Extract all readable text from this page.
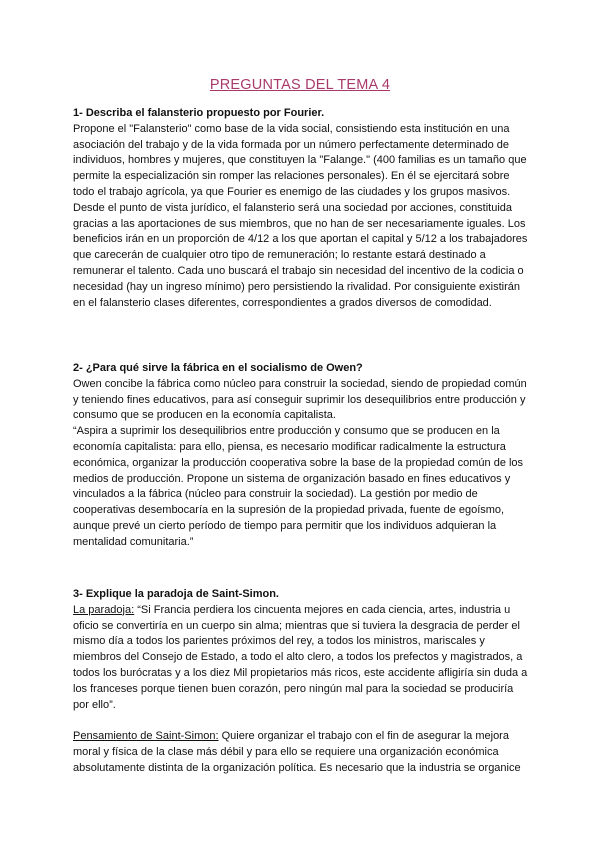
PREGUNTAS DEL TEMA 4

1- Describa el falansterio propuesto por Fourier.

Propone el "Falansterio" como base de la vida social, consistiendo esta institución en una asociación del trabajo y de la vida formada por un número perfectamente determinado de individuos, hombres y mujeres, que constituyen la "Falange." (400 familias es un tamaño que permite la especialización sin romper las relaciones personales). En él se ejercitará sobre todo el trabajo agrícola, ya que Fourier es enemigo de las ciudades y los grupos masivos. Desde el punto de vista jurídico, el falansterio será una sociedad por acciones, constituida gracias a las aportaciones de sus miembros, que no han de ser necesariamente iguales. Los beneficios irán en un proporción de 4/12 a los que aportan el capital y 5/12 a los trabajadores que carecerán de cualquier otro tipo de remuneración; lo restante estará destinado a remunerar el talento. Cada uno buscará el trabajo sin necesidad del incentivo de la codicia o necesidad (hay un ingreso mínimo) pero persistiendo la rivalidad. Por consiguiente existirán en el falansterio clases diferentes, correspondientes a grados diversos de comodidad.

2- ¿Para qué sirve la fábrica en el socialismo de Owen?

Owen concibe la fábrica como núcleo para construir la sociedad, siendo de propiedad común y teniendo fines educativos, para así conseguir suprimir los desequilibrios entre producción y consumo que se producen en la economía capitalista.

“Aspira a suprimir los desequilibrios entre producción y consumo que se producen en la economía capitalista: para ello, piensa, es necesario modificar radicalmente la estructura económica, organizar la producción cooperativa sobre la base de la propiedad común de los medios de producción. Propone un sistema de organización basado en fines educativos y vinculados a la fábrica (núcleo para construir la sociedad). La gestión por medio de cooperativas desembocaría en la supresión de la propiedad privada, fuente de egoísmo, aunque prevé un cierto período de tiempo para permitir que los individuos adquieran la mentalidad comunitaria.”

3- Explique la paradoja de Saint-Simon.

La paradoja: “Si Francia perdiera los cincuenta mejores en cada ciencia, artes, industria u oficio se convertiría en un cuerpo sin alma; mientras que si tuviera la desgracia de perder el mismo día a todos los parientes próximos del rey, a todos los ministros, mariscales y miembros del Consejo de Estado, a todo el alto clero, a todos los prefectos y magistrados, a todos los burócratas y a los diez Mil propietarios más ricos, este accidente afligiría sin duda a los franceses porque tienen buen corazón, pero ningún mal para la sociedad se produciría por ello”.

Pensamiento de Saint-Simon: Quiere organizar el trabajo con el fin de asegurar la mejora moral y física de la clase más débil y para ello se requiere una organización económica absolutamente distinta de la organización política. Es necesario que la industria se organice
